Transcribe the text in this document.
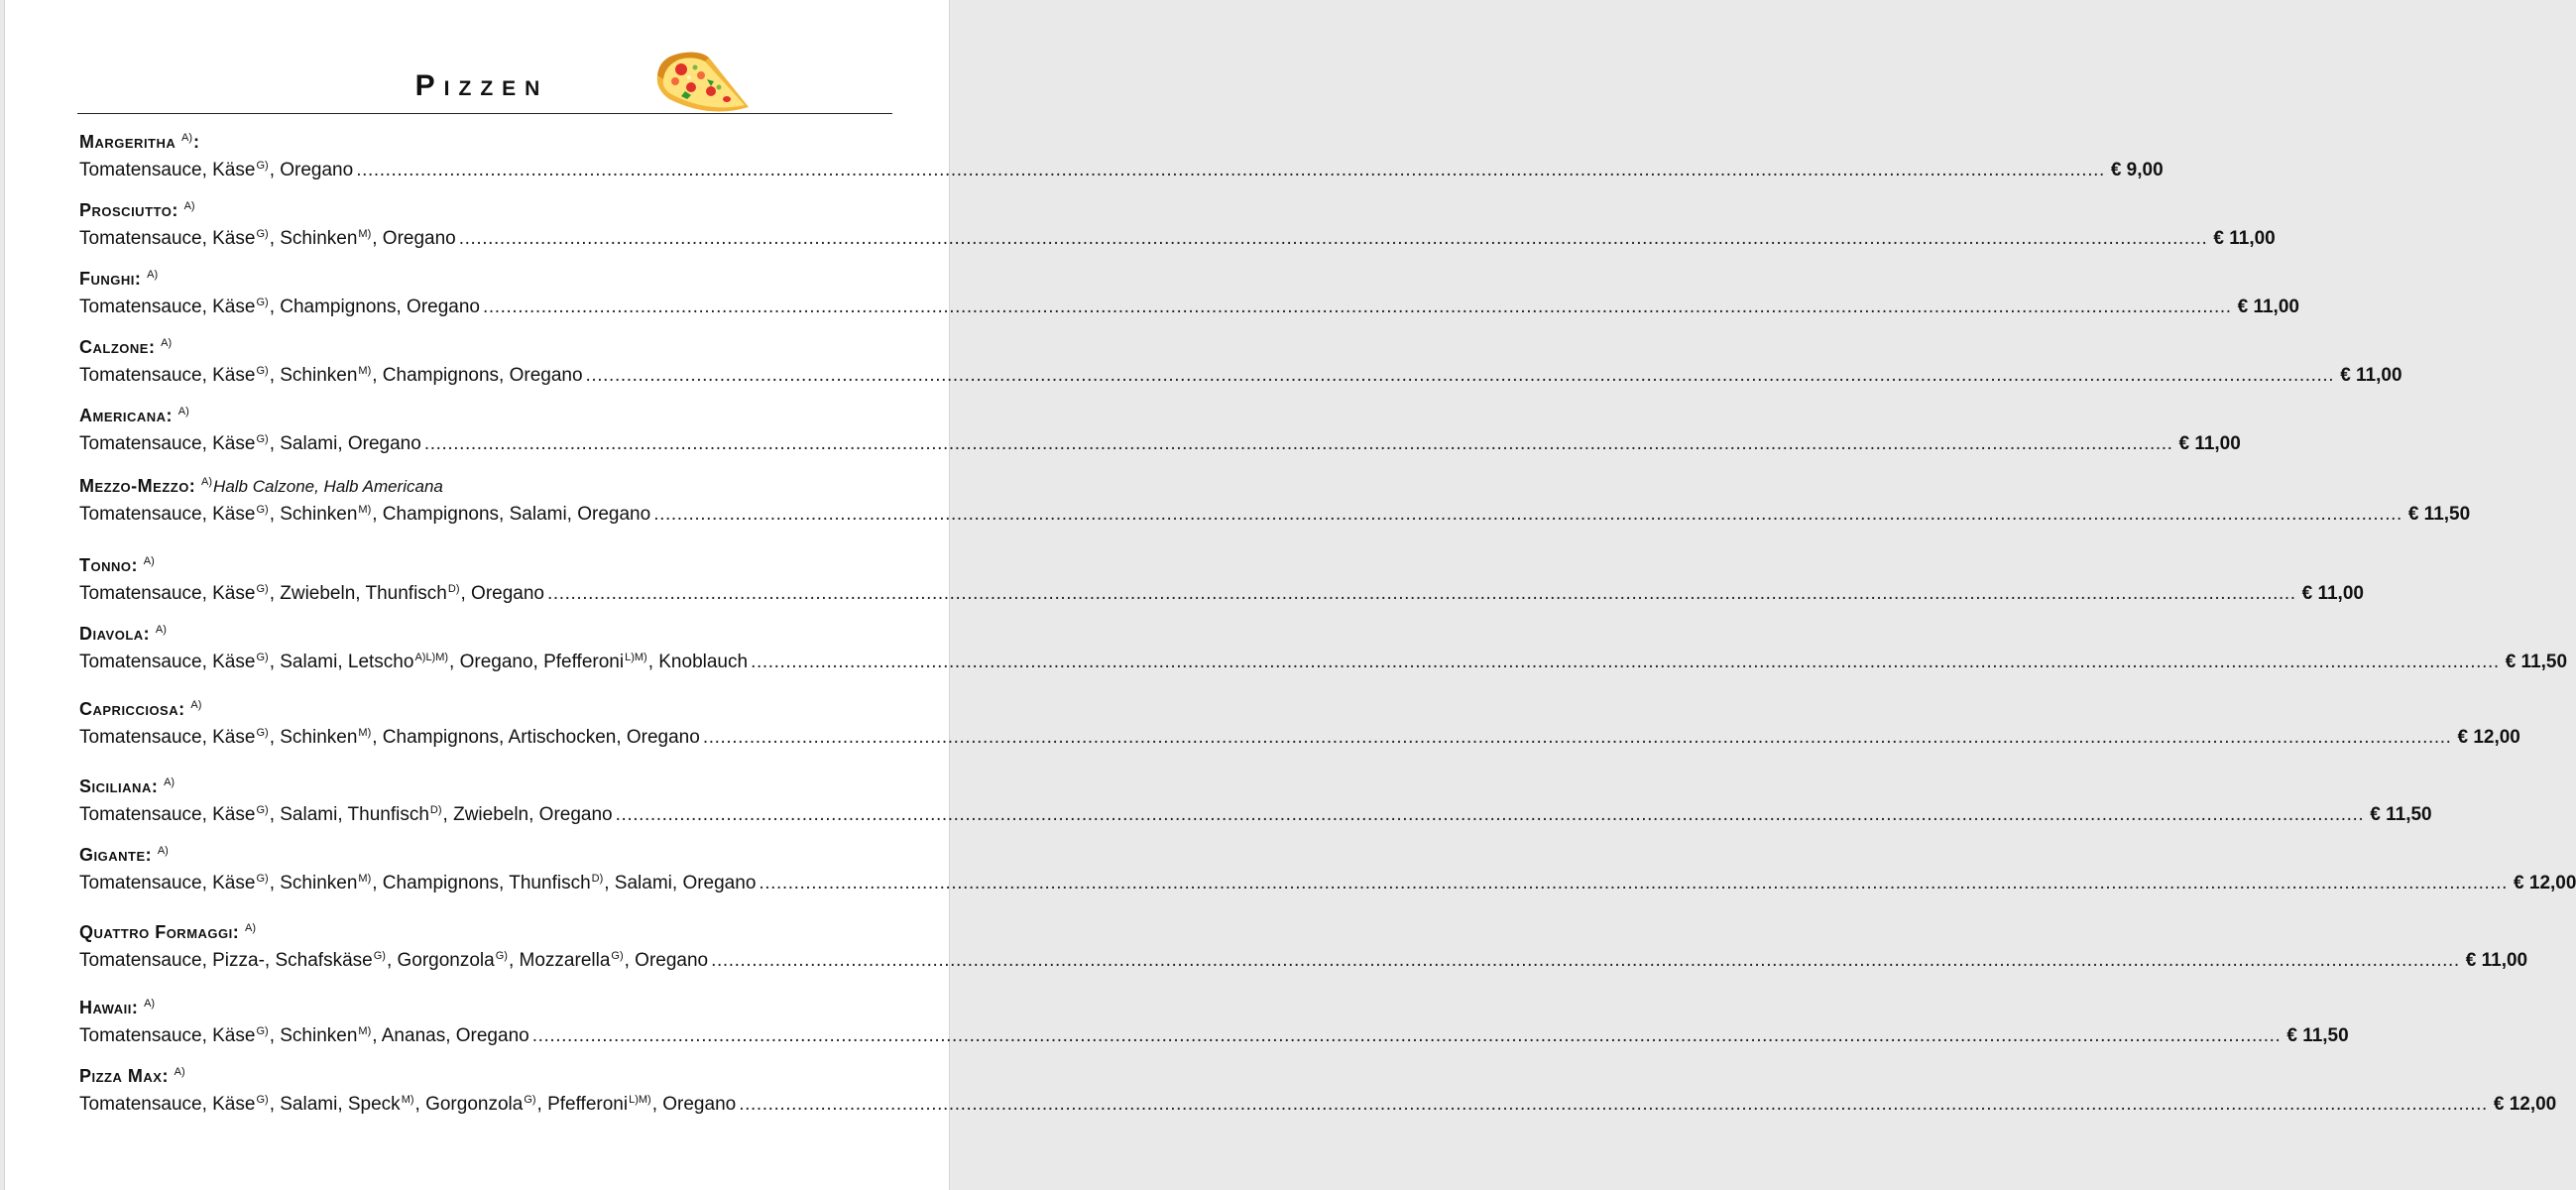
Pizzen
Margeritha $^{A)}$:
Tomatensauce, Käse$^{G)}$, Oregano ............................................................................................................................................................................................................................................................................................................ € 9,00
Prosciutto: $^{A)}$
Tomatensauce, Käse$^{G)}$, Schinken$^{M)}$, Oregano ............................................................................................................................................................................................................................................................................................................ € 11,00
Funghi: $^{A)}$
Tomatensauce, Käse$^{G)}$, Champignons, Oregano ............................................................................................................................................................................................................................................................................................................ € 11,00
Calzone: $^{A)}$
Tomatensauce, Käse$^{G)}$, Schinken$^{M)}$, Champignons, Oregano ............................................................................................................................................................................................................................................................................................................ € 11,00
Americana: $^{A)}$
Tomatensauce, Käse$^{G)}$, Salami, Oregano ............................................................................................................................................................................................................................................................................................................ € 11,00
Mezzo-Mezzo: $^{A)}$Halb Calzone, Halb Americana
Tomatensauce, Käse$^{G)}$, Schinken$^{M)}$, Champignons, Salami, Oregano ............................................................................................................................................................................................................................................................................................................ € 11,50
Tonno: $^{A)}$
Tomatensauce, Käse$^{G)}$, Zwiebeln, Thunfisch$^{D)}$, Oregano ............................................................................................................................................................................................................................................................................................................ € 11,00
Diavola: $^{A)}$
Tomatensauce, Käse$^{G)}$, Salami, Letscho$^{A)L)M)}$, Oregano, Pfefferoni$^{L)M)}$, Knoblauch ............................................................................................................................................................................................................................................................................................................ € 11,50
Capricciosa: $^{A)}$
Tomatensauce, Käse$^{G)}$, Schinken$^{M)}$, Champignons, Artischocken, Oregano ............................................................................................................................................................................................................................................................................................................ € 12,00
Siciliana: $^{A)}$
Tomatensauce, Käse$^{G)}$, Salami, Thunfisch$^{D)}$, Zwiebeln, Oregano ............................................................................................................................................................................................................................................................................................................ € 11,50
Gigante: $^{A)}$
Tomatensauce, Käse$^{G)}$, Schinken$^{M)}$, Champignons, Thunfisch$^{D)}$, Salami, Oregano ............................................................................................................................................................................................................................................................................................................ € 12,00
Quattro Formaggi: $^{A)}$
Tomatensauce, Pizza-, Schafskäse$^{G)}$, Gorgonzola$^{G)}$, Mozzarella$^{G)}$, Oregano ............................................................................................................................................................................................................................................................................................................ € 11,00
Hawaii: $^{A)}$
Tomatensauce, Käse$^{G)}$, Schinken$^{M)}$, Ananas, Oregano ............................................................................................................................................................................................................................................................................................................ € 11,50
Pizza Max: $^{A)}$
Tomatensauce, Käse$^{G)}$, Salami, Speck$^{M)}$, Gorgonzola$^{G)}$, Pfefferoni$^{L)M)}$, Oregano ............................................................................................................................................................................................................................................................................................................ € 12,00
